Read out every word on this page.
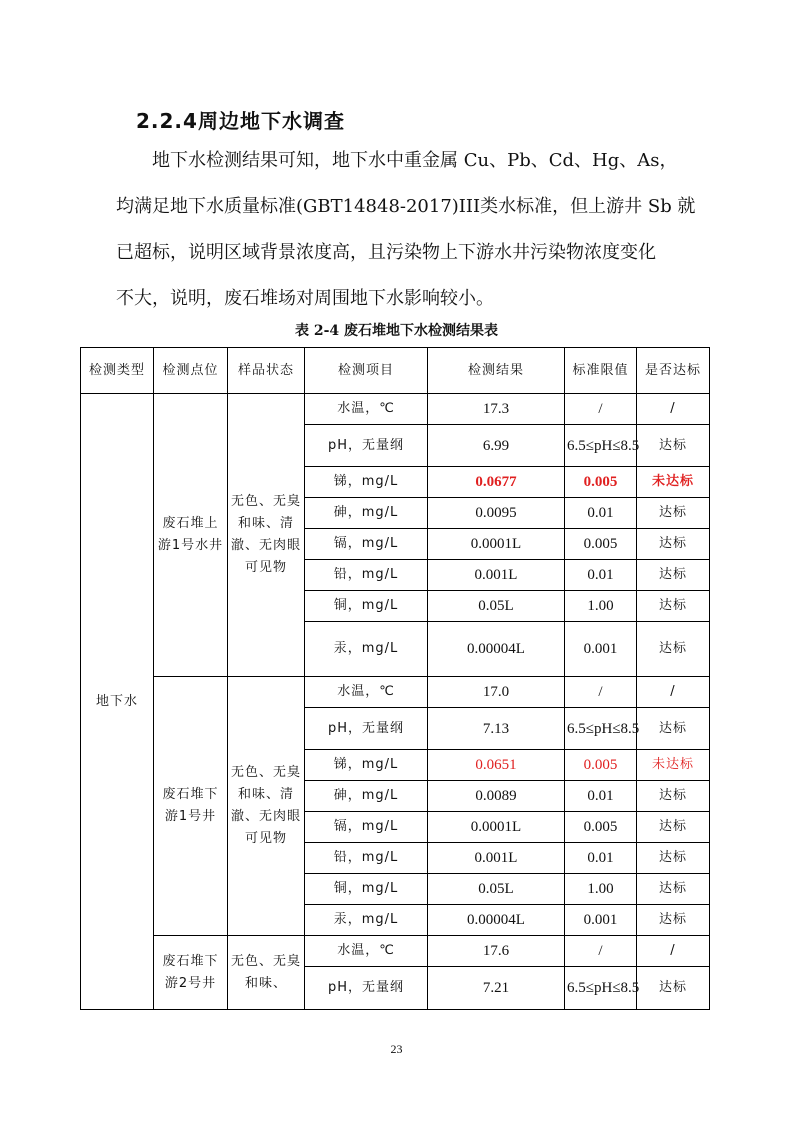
2.2.4周边地下水调查
地下水检测结果可知，地下水中重金属 Cu、Pb、Cd、Hg、As，
均满足地下水质量标准(GBT14848-2017)III类水标准，但上游井 Sb 就
已超标，说明区域背景浓度高，且污染物上下游水井污染物浓度变化
不大，说明，废石堆场对周围地下水影响较小。
表 2-4 废石堆地下水检测结果表
检测类型	检测点位	样品状态	检测项目	检测结果	标准限值	是否达标
地下水	废石堆上游1号水井	无色、无臭和味、清澈、无肉眼可见物	水温，℃	17.3	/	/
			pH，无量纲	6.99	6.5≤pH≤8.5	达标
			锑，mg/L	0.0677	0.005	未达标
			砷，mg/L	0.0095	0.01	达标
			镉，mg/L	0.0001L	0.005	达标
			铅，mg/L	0.001L	0.01	达标
			铜，mg/L	0.05L	1.00	达标
			汞，mg/L	0.00004L	0.001	达标
	废石堆下游1号井	无色、无臭和味、清澈、无肉眼可见物	水温，℃	17.0	/	/
			pH，无量纲	7.13	6.5≤pH≤8.5	达标
			锑，mg/L	0.0651	0.005	未达标
			砷，mg/L	0.0089	0.01	达标
			镉，mg/L	0.0001L	0.005	达标
			铅，mg/L	0.001L	0.01	达标
			铜，mg/L	0.05L	1.00	达标
			汞，mg/L	0.00004L	0.001	达标
	废石堆下游2号井	无色、无臭和味、	水温，℃	17.6	/	/
			pH，无量纲	7.21	6.5≤pH≤8.5	达标
23
